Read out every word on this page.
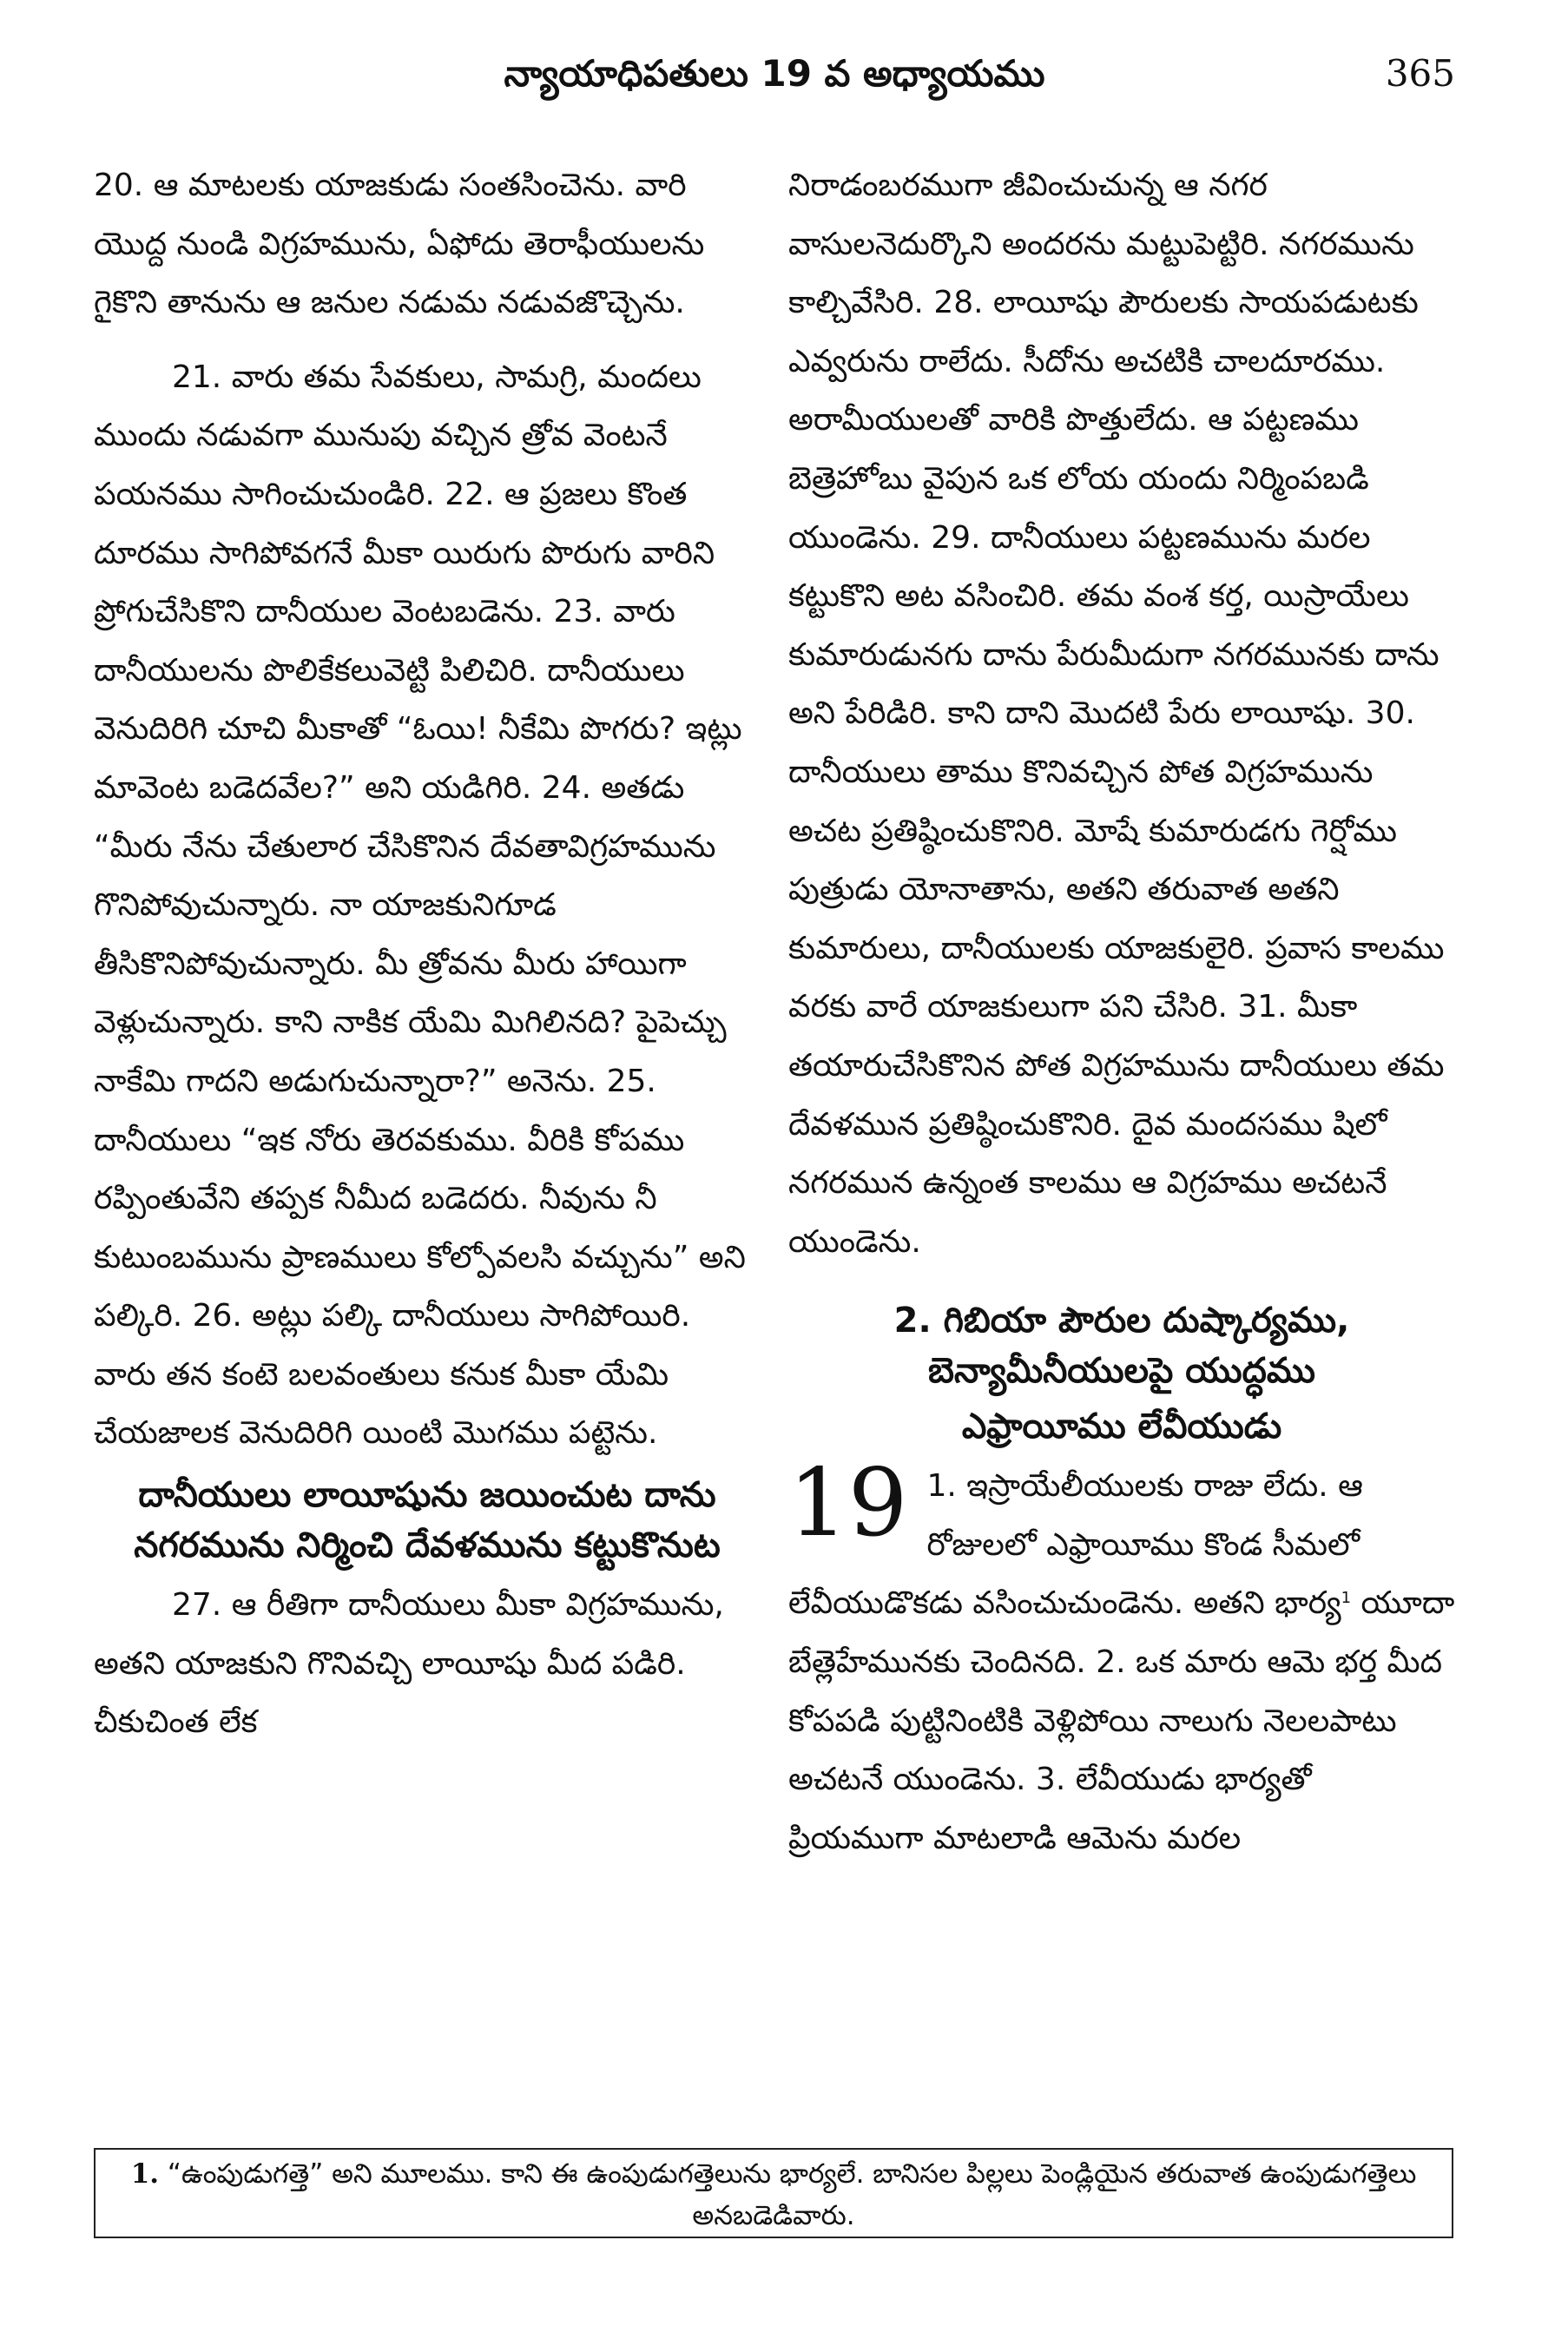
న్యాయాధిపతులు 19 వ అధ్యాయము	365

20. ఆ మాటలకు యాజకుడు సంతసించెను. వారి యొద్ద నుండి విగ్రహమును, ఏఫోదు తెరాఫీయులను గైకొని తానును ఆ జనుల నడుమ నడువజొచ్చెను.

21. వారు తమ సేవకులు, సామగ్రి, మందలు ముందు నడువగా మునుపు వచ్చిన త్రోవ వెంటనే పయనము సాగించుచుండిరి. 22. ఆ ప్రజలు కొంత దూరము సాగిపోవగనే మీకా యిరుగు పొరుగు వారిని ప్రోగుచేసికొని దానీయుల వెంటబడెను. 23. వారు దానీయులను పొలికేకలువెట్టి పిలిచిరి. దానీయులు వెనుదిరిగి చూచి మీకాతో “ఓయి! నీకేమి పొగరు? ఇట్లు మావెంట బడెదవేల?” అని యడిగిరి. 24. అతడు “మీరు నేను చేతులార చేసికొనిన దేవతావిగ్రహమును గొనిపోవుచున్నారు. నా యాజకునిగూడ తీసికొనిపోవుచున్నారు. మీ త్రోవను మీరు హాయిగా వెళ్లుచున్నారు. కాని నాకిక యేమి మిగిలినది? పైపెచ్చు నాకేమి గాదని అడుగుచున్నారా?” అనెను. 25. దానీయులు “ఇక నోరు తెరవకుము. వీరికి కోపము రప్పింతువేని తప్పక నీమీద బడెదరు. నీవును నీ కుటుంబమును ప్రాణములు కోల్పోవలసి వచ్చును” అని పల్కిరి. 26. అట్లు పల్కి దానీయులు సాగిపోయిరి. వారు తన కంటె బలవంతులు కనుక మీకా యేమి చేయజాలక వెనుదిరిగి యింటి మొగము పట్టెను.

దానీయులు లాయీషును జయించుట దాను నగరమును నిర్మించి దేవళమును కట్టుకొనుట

27. ఆ రీతిగా దానీయులు మీకా విగ్రహమును, అతని యాజకుని గొనివచ్చి లాయీషు మీద పడిరి. చీకుచింత లేక

నిరాడంబరముగా జీవించుచున్న ఆ నగర వాసులనెదుర్కొని అందరను మట్టుపెట్టిరి. నగరమును కాల్చివేసిరి. 28. లాయీషు పౌరులకు సాయపడుటకు ఎవ్వరును రాలేదు. సీదోను అచటికి చాలదూరము. అరామీయులతో వారికి పొత్తులేదు. ఆ పట్టణము బెత్రెహోబు వైపున ఒక లోయ యందు నిర్మింపబడి యుండెను. 29. దానీయులు పట్టణమును మరల కట్టుకొని అట వసించిరి. తమ వంశ కర్త, యిస్రాయేలు కుమారుడునగు దాను పేరుమీదుగా నగరమునకు దాను అని పేరిడిరి. కాని దాని మొదటి పేరు లాయీషు. 30. దానీయులు తాము కొనివచ్చిన పోత విగ్రహమును అచట ప్రతిష్ఠించుకొనిరి. మోషే కుమారుడగు గెర్షోము పుత్రుడు యోనాతాను, అతని తరువాత అతని కుమారులు, దానీయులకు యాజకులైరి. ప్రవాస కాలము వరకు వారే యాజకులుగా పని చేసిరి. 31. మీకా తయారుచేసికొనిన పోత విగ్రహమును దానీయులు తమ దేవళమున ప్రతిష్ఠించుకొనిరి. దైవ మందసము షిలో నగరమున ఉన్నంత కాలము ఆ విగ్రహము అచటనే యుండెను.

2. గిబియా పౌరుల దుష్కార్యము, బెన్యామీనీయులపై యుద్ధము
ఎఫ్రాయీము లేవీయుడు
19 1. ఇస్రాయేలీయులకు రాజు లేదు. ఆ రోజులలో ఎఫ్రాయీము కొండ సీమలో లేవీయుడొకడు వసించుచుండెను. అతని భార్య$^1$ యూదా బేత్లెహేమునకు చెందినది. 2. ఒక మారు ఆమె భర్త మీద కోపపడి పుట్టినింటికి వెళ్లిపోయి నాలుగు నెలలపాటు అచటనే యుండెను. 3. లేవీయుడు భార్యతో ప్రియముగా మాటలాడి ఆమెను మరల
1. “ఉంపుడుగత్తె” అని మూలము. కాని ఈ ఉంపుడుగత్తెలును భార్యలే. బానిసల పిల్లలు పెండ్లియైన తరువాత ఉంపుడుగత్తెలు అనబడెడివారు.
